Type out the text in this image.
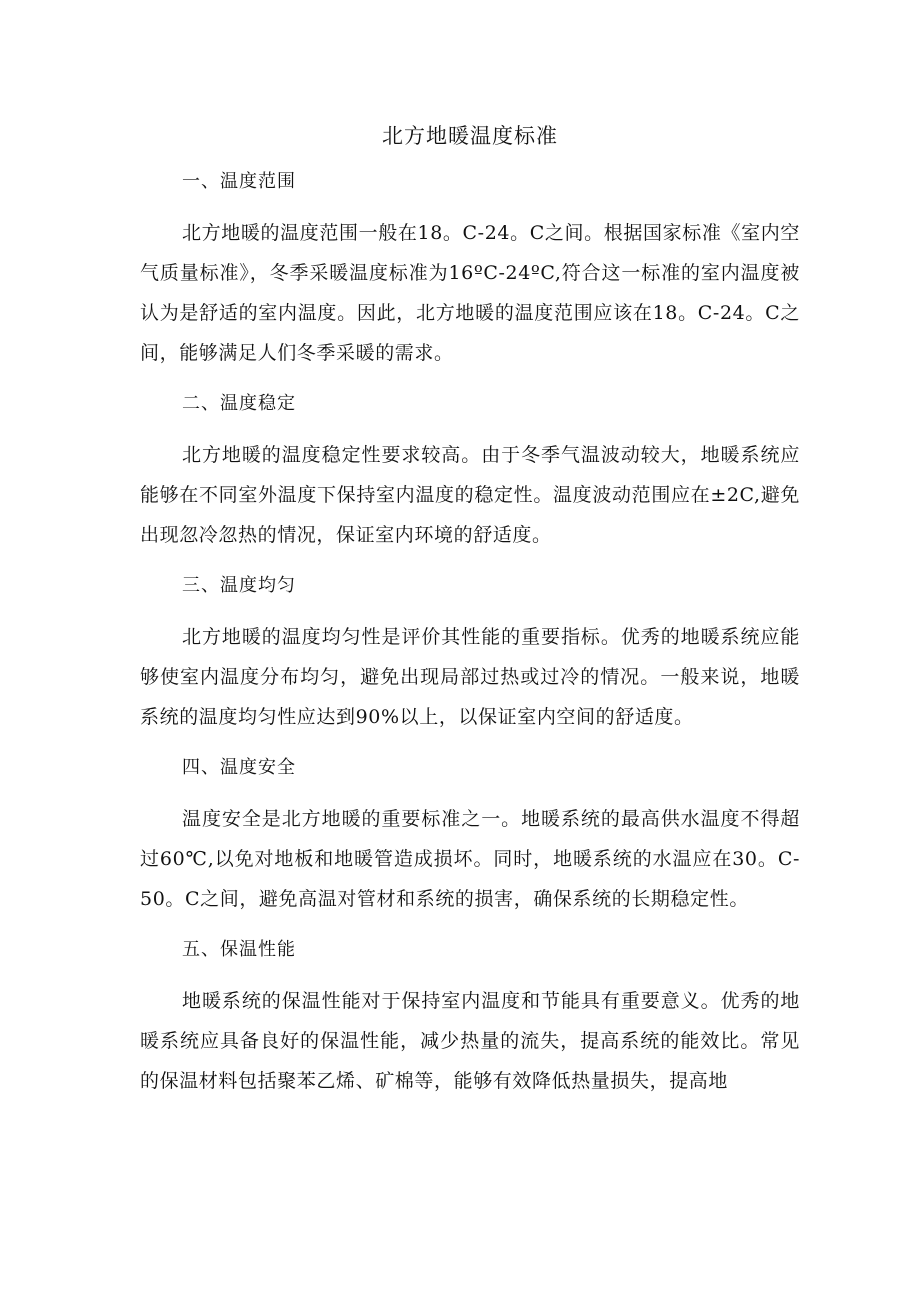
北方地暖温度标准
一、温度范围

北方地暖的温度范围一般在18。C-24。C之间。根据国家标准《室内空气质量标准》，冬季采暖温度标准为16ºC-24ºC,符合这一标准的室内温度被认为是舒适的室内温度。因此，北方地暖的温度范围应该在18。C-24。C之间，能够满足人们冬季采暖的需求。

二、温度稳定

北方地暖的温度稳定性要求较高。由于冬季气温波动较大，地暖系统应能够在不同室外温度下保持室内温度的稳定性。温度波动范围应在±2C,避免出现忽冷忽热的情况，保证室内环境的舒适度。

三、温度均匀

北方地暖的温度均匀性是评价其性能的重要指标。优秀的地暖系统应能够使室内温度分布均匀，避免出现局部过热或过冷的情况。一般来说，地暖系统的温度均匀性应达到90%以上，以保证室内空间的舒适度。

四、温度安全

温度安全是北方地暖的重要标准之一。地暖系统的最高供水温度不得超过60℃,以免对地板和地暖管造成损坏。同时，地暖系统的水温应在30。C-50。C之间，避免高温对管材和系统的损害，确保系统的长期稳定性。

五、保温性能

地暖系统的保温性能对于保持室内温度和节能具有重要意义。优秀的地暖系统应具备良好的保温性能，减少热量的流失，提高系统的能效比。常见的保温材料包括聚苯乙烯、矿棉等，能够有效降低热量损失，提高地
